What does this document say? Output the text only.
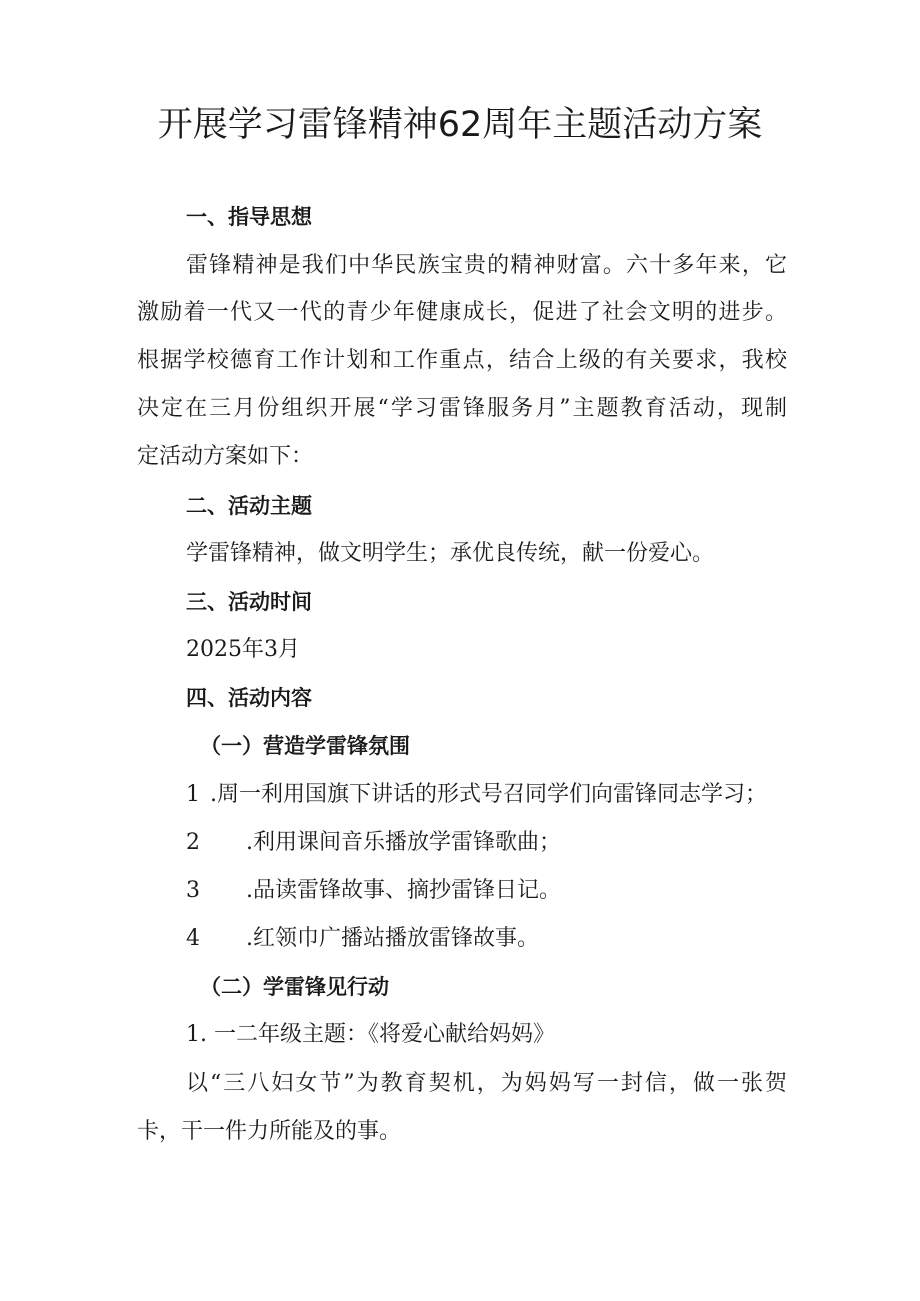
开展学习雷锋精神62周年主题活动方案

一、指导思想

雷锋精神是我们中华民族宝贵的精神财富。六十多年来，它

激励着一代又一代的青少年健康成长，促进了社会文明的进步。

根据学校德育工作计划和工作重点，结合上级的有关要求，我校

决定在三月份组织开展“学习雷锋服务月”主题教育活动，现制

定活动方案如下：

二、活动主题

学雷锋精神，做文明学生；承优良传统，献一份爱心。

三、活动时间

2025年3月

四、活动内容

（一）营造学雷锋氛围

1 .周一利用国旗下讲话的形式号召同学们向雷锋同志学习；

2 .利用课间音乐播放学雷锋歌曲；

3 .品读雷锋故事、摘抄雷锋日记。

4 .红领巾广播站播放雷锋故事。

（二）学雷锋见行动

1. 一二年级主题：《将爱心献给妈妈》

以“三八妇女节”为教育契机，为妈妈写一封信，做一张贺

卡，干一件力所能及的事。
